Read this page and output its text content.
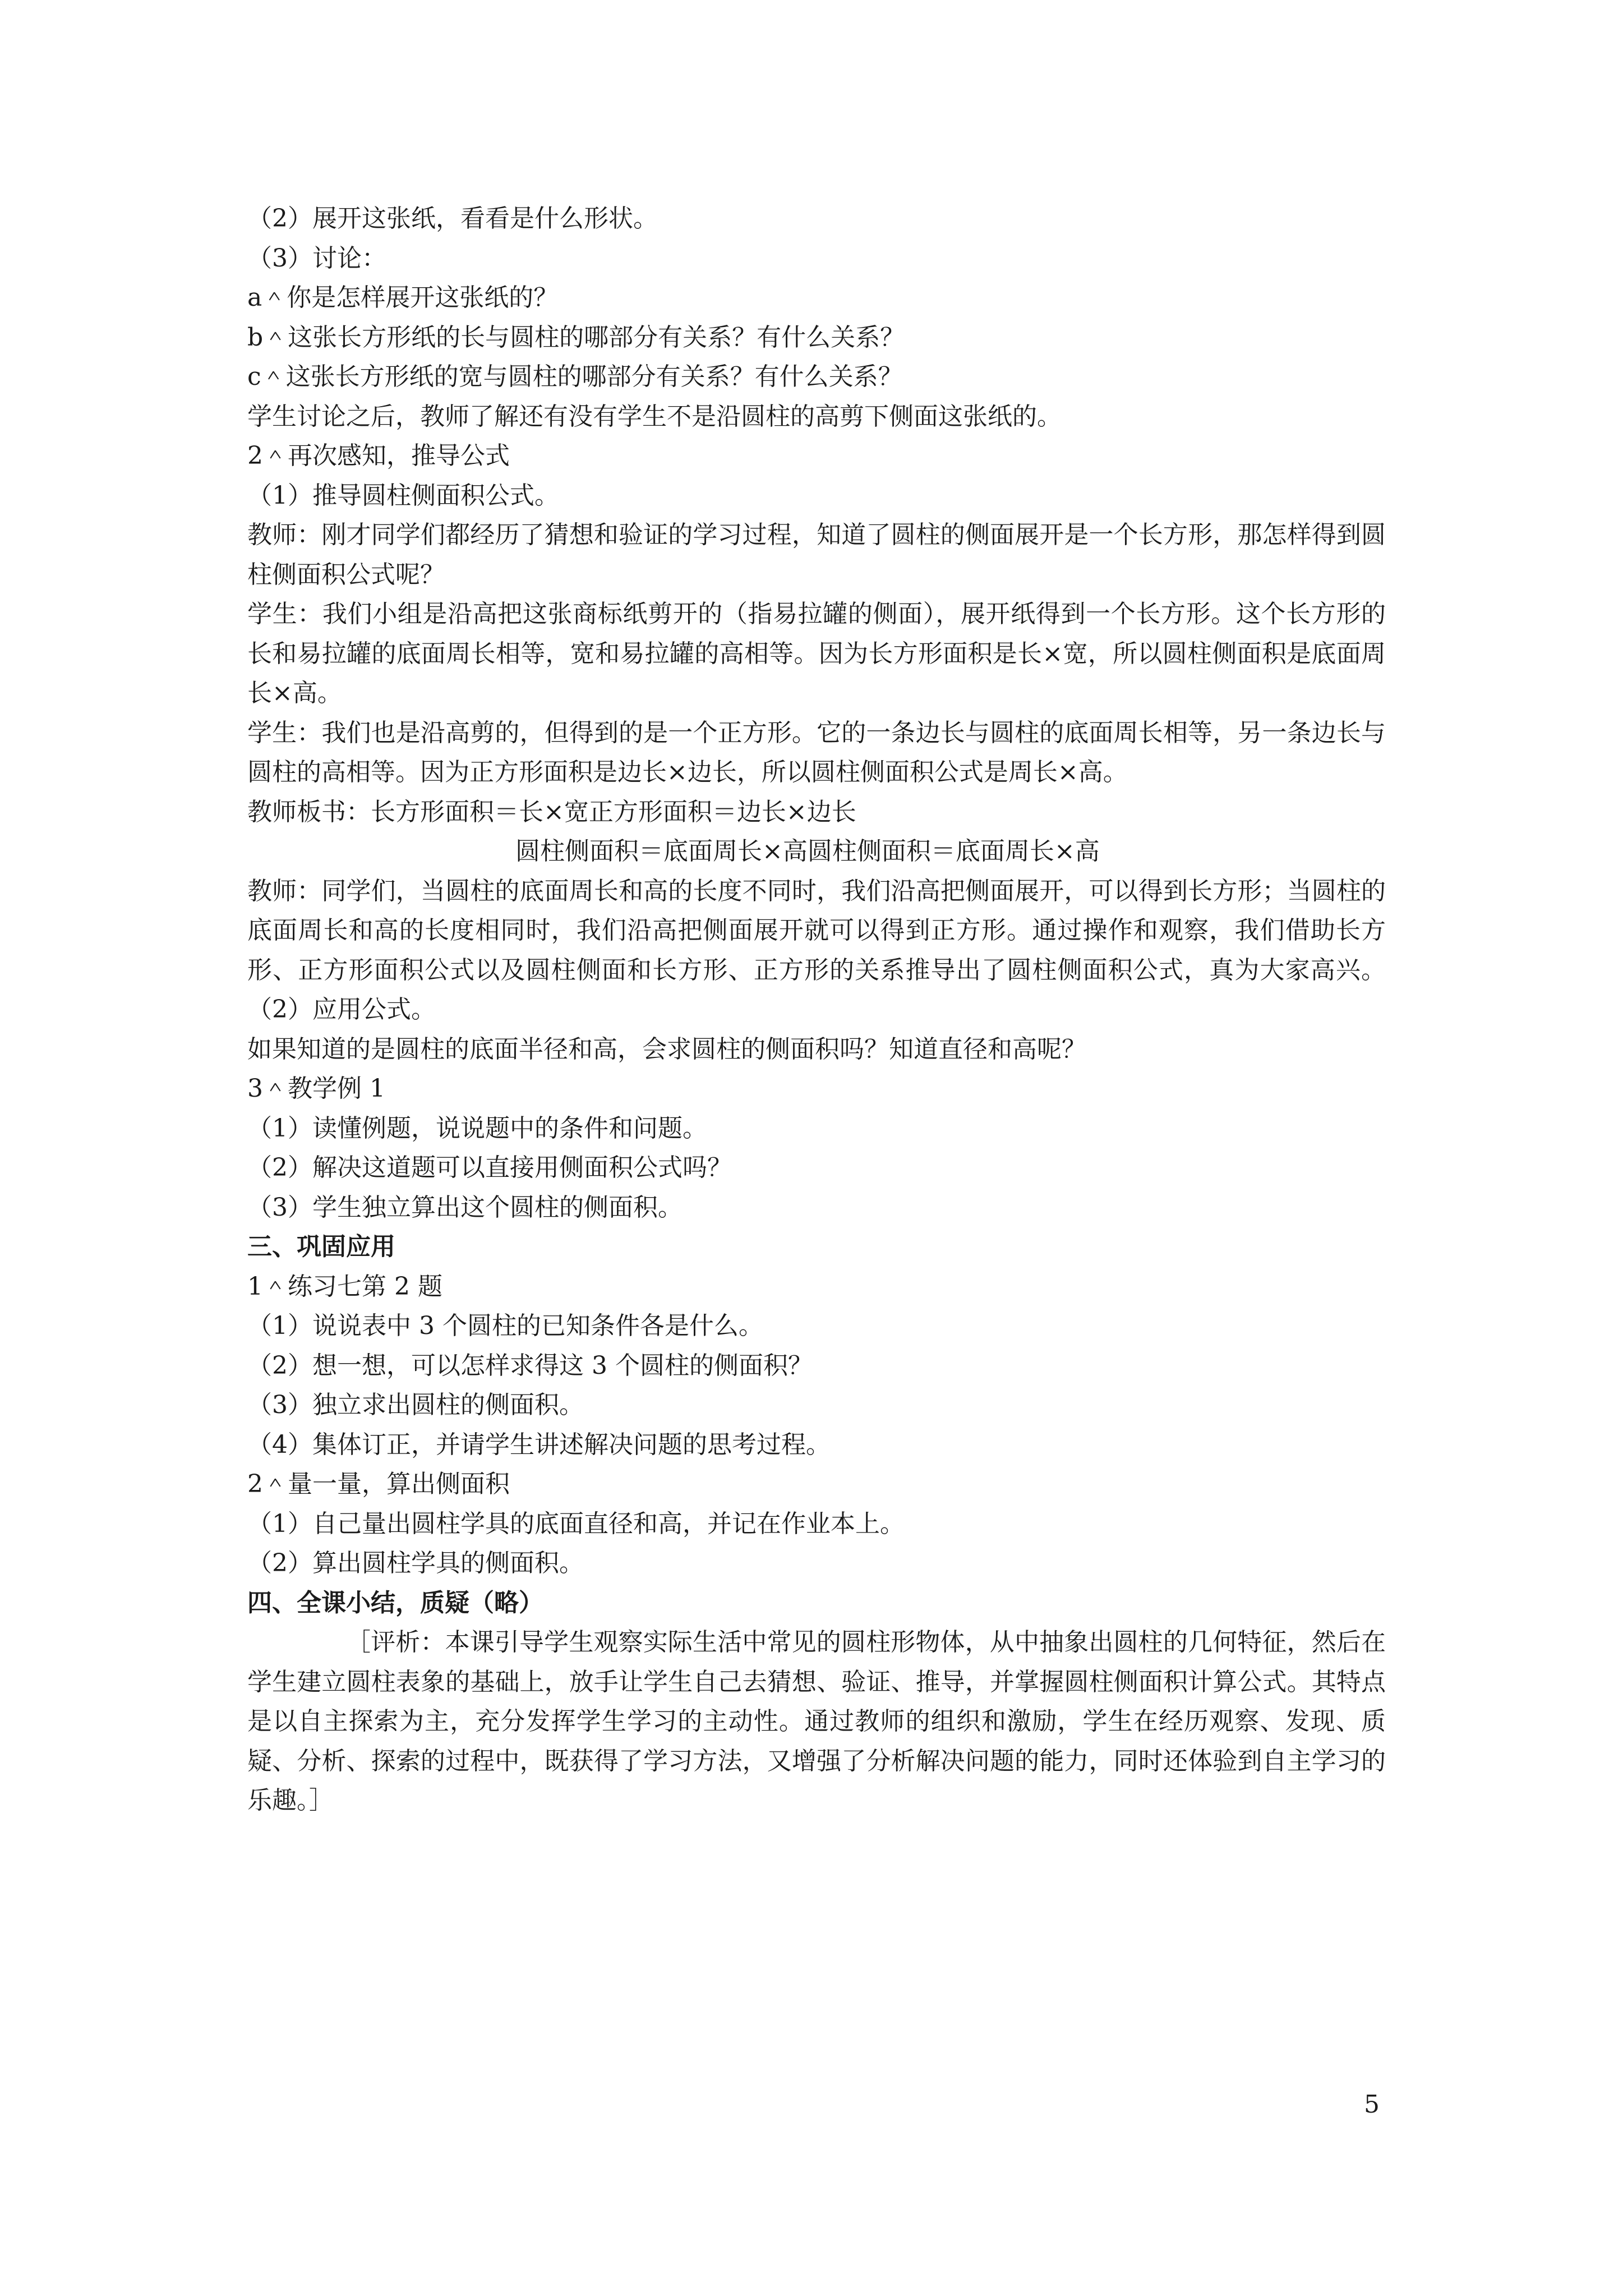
（2）展开这张纸，看看是什么形状。

（3）讨论：

a＾你是怎样展开这张纸的？

b＾这张长方形纸的长与圆柱的哪部分有关系？有什么关系？

c＾这张长方形纸的宽与圆柱的哪部分有关系？有什么关系？

学生讨论之后，教师了解还有没有学生不是沿圆柱的高剪下侧面这张纸的。

2＾再次感知，推导公式

（1）推导圆柱侧面积公式。

教师：刚才同学们都经历了猜想和验证的学习过程，知道了圆柱的侧面展开是一个长方形，那怎样得到圆柱侧面积公式呢？

学生：我们小组是沿高把这张商标纸剪开的（指易拉罐的侧面），展开纸得到一个长方形。这个长方形的长和易拉罐的底面周长相等，宽和易拉罐的高相等。因为长方形面积是长×宽，所以圆柱侧面积是底面周长×高。

学生：我们也是沿高剪的，但得到的是一个正方形。它的一条边长与圆柱的底面周长相等，另一条边长与圆柱的高相等。因为正方形面积是边长×边长，所以圆柱侧面积公式是周长×高。

教师板书：长方形面积＝长×宽正方形面积＝边长×边长

圆柱侧面积＝底面周长×高圆柱侧面积＝底面周长×高

教师：同学们，当圆柱的底面周长和高的长度不同时，我们沿高把侧面展开，可以得到长方形；当圆柱的底面周长和高的长度相同时，我们沿高把侧面展开就可以得到正方形。通过操作和观察，我们借助长方形、正方形面积公式以及圆柱侧面和长方形、正方形的关系推导出了圆柱侧面积公式，真为大家高兴。（2）应用公式。

如果知道的是圆柱的底面半径和高，会求圆柱的侧面积吗？知道直径和高呢？

3＾教学例 1

（1）读懂例题，说说题中的条件和问题。

（2）解决这道题可以直接用侧面积公式吗？

（3）学生独立算出这个圆柱的侧面积。

三、巩固应用

1＾练习七第 2 题

（1）说说表中 3 个圆柱的已知条件各是什么。

（2）想一想，可以怎样求得这 3 个圆柱的侧面积？

（3）独立求出圆柱的侧面积。

（4）集体订正，并请学生讲述解决问题的思考过程。

2＾量一量，算出侧面积

（1）自己量出圆柱学具的底面直径和高，并记在作业本上。

（2）算出圆柱学具的侧面积。

四、全课小结，质疑（略）

［评析：本课引导学生观察实际生活中常见的圆柱形物体，从中抽象出圆柱的几何特征，然后在学生建立圆柱表象的基础上，放手让学生自己去猜想、验证、推导，并掌握圆柱侧面积计算公式。其特点是以自主探索为主，充分发挥学生学习的主动性。通过教师的组织和激励，学生在经历观察、发现、质疑、分析、探索的过程中，既获得了学习方法，又增强了分析解决问题的能力，同时还体验到自主学习的乐趣。］

5
